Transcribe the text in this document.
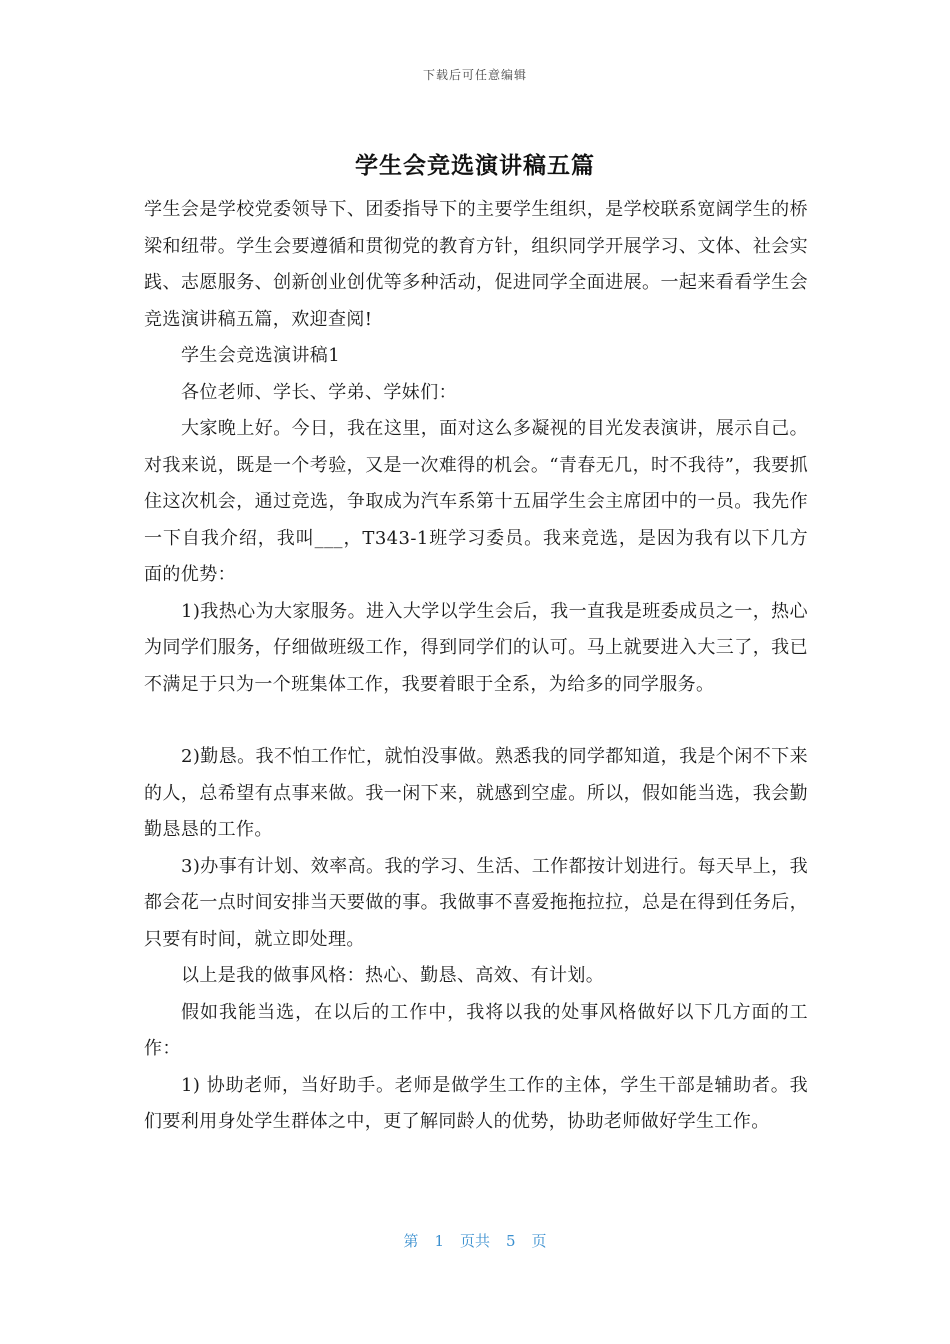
下载后可任意编辑
学生会竞选演讲稿五篇

学生会是学校党委领导下、团委指导下的主要学生组织，是学校联系宽阔学生的桥梁和纽带。学生会要遵循和贯彻党的教育方针，组织同学开展学习、文体、社会实践、志愿服务、创新创业创优等多种活动，促进同学全面进展。一起来看看学生会竞选演讲稿五篇，欢迎查阅!

学生会竞选演讲稿1

各位老师、学长、学弟、学妹们：

大家晚上好。今日，我在这里，面对这么多凝视的目光发表演讲，展示自己。对我来说，既是一个考验，又是一次难得的机会。“青春无几，时不我待”，我要抓住这次机会，通过竞选，争取成为汽车系第十五届学生会主席团中的一员。我先作一下自我介绍，我叫___，T343-1班学习委员。我来竞选，是因为我有以下几方面的优势：

1)我热心为大家服务。进入大学以学生会后，我一直我是班委成员之一，热心为同学们服务，仔细做班级工作，得到同学们的认可。马上就要进入大三了，我已不满足于只为一个班集体工作，我要着眼于全系，为给多的同学服务。

2)勤恳。我不怕工作忙，就怕没事做。熟悉我的同学都知道，我是个闲不下来的人，总希望有点事来做。我一闲下来，就感到空虚。所以，假如能当选，我会勤勤恳恳的工作。

3)办事有计划、效率高。我的学习、生活、工作都按计划进行。每天早上，我都会花一点时间安排当天要做的事。我做事不喜爱拖拖拉拉，总是在得到任务后，只要有时间，就立即处理。

以上是我的做事风格：热心、勤恳、高效、有计划。

假如我能当选，在以后的工作中，我将以我的处事风格做好以下几方面的工作：

1) 协助老师，当好助手。老师是做学生工作的主体，学生干部是辅助者。我们要利用身处学生群体之中，更了解同龄人的优势，协助老师做好学生工作。

第 1 页共 5 页
